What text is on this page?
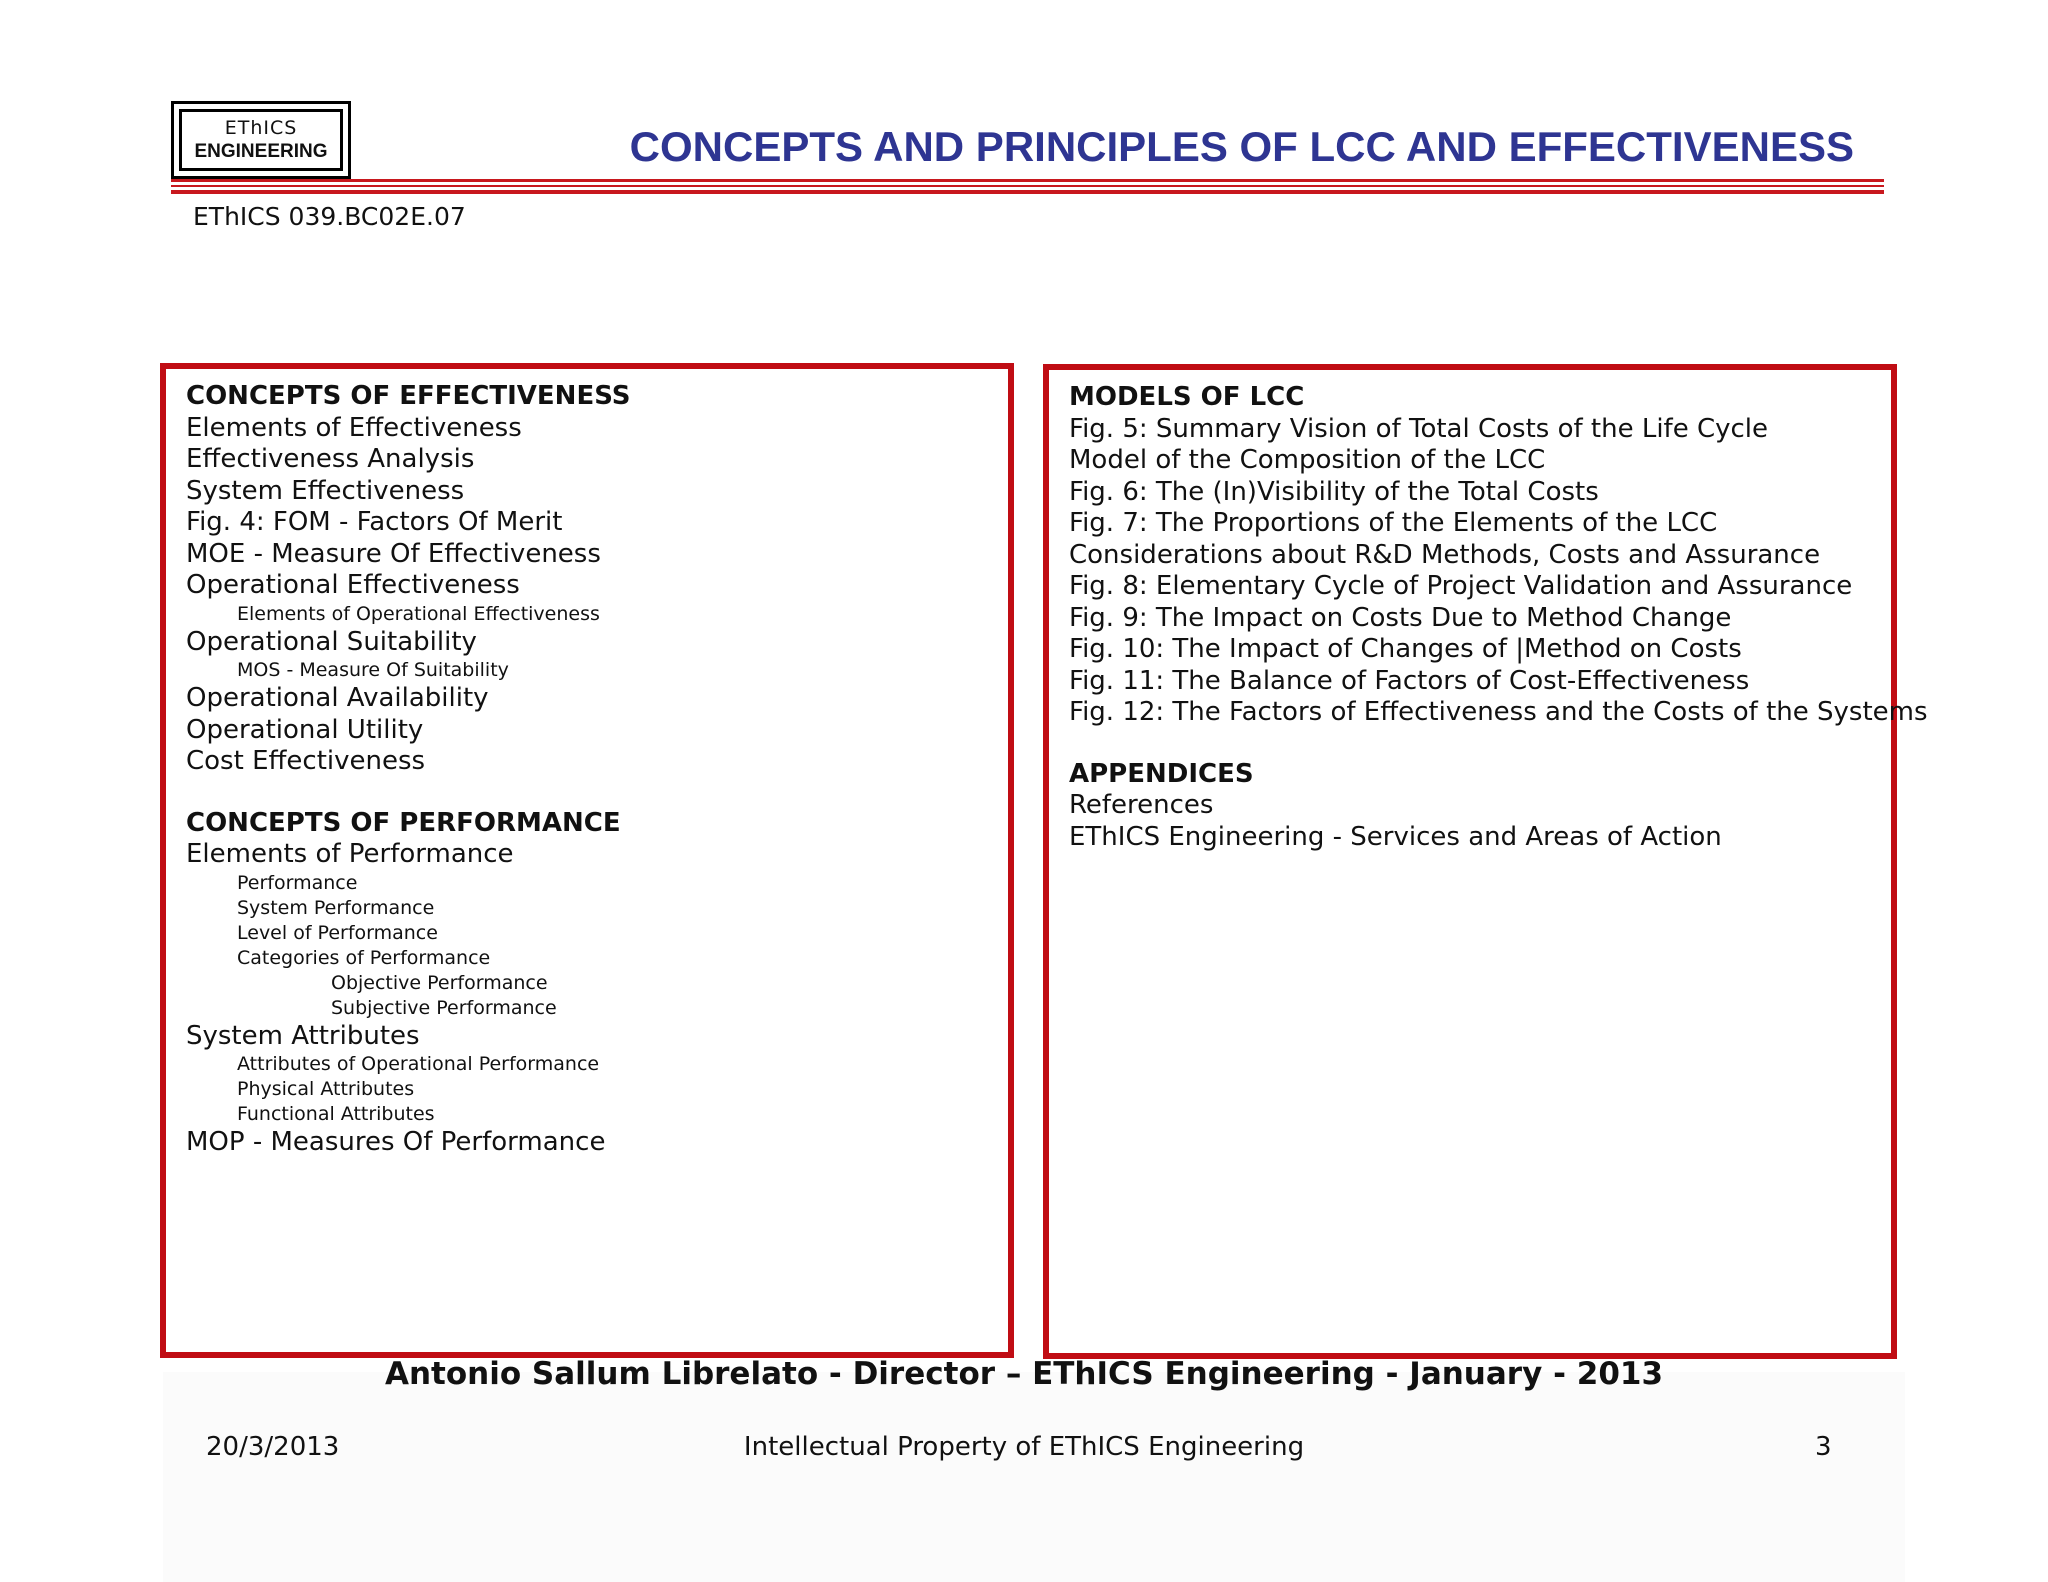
EThICS
ENGINEERING	CONCEPTS AND PRINCIPLES OF LCC AND EFFECTIVENESS
EThICS 039.BC02E.07
CONCEPTS OF EFFECTIVENESS
Elements of Effectiveness
Effectiveness Analysis
System Effectiveness
Fig. 4: FOM - Factors Of Merit
MOE - Measure Of Effectiveness
Operational Effectiveness
Elements of Operational Effectiveness
Operational Suitability
MOS - Measure Of Suitability
Operational Availability
Operational Utility
Cost Effectiveness
CONCEPTS OF PERFORMANCE
Elements of Performance
Performance
System Performance
Level of Performance
Categories of Performance
Objective Performance
Subjective Performance
System Attributes
Attributes of Operational Performance
Physical Attributes
Functional Attributes
MOP - Measures Of Performance
MODELS OF LCC
Fig. 5: Summary Vision of Total Costs of the Life Cycle
Model of the Composition of the LCC
Fig. 6: The (In)Visibility of the Total Costs
Fig. 7: The Proportions of the Elements of the LCC
Considerations about R&D Methods, Costs and Assurance
Fig. 8: Elementary Cycle of Project Validation and Assurance
Fig. 9: The Impact on Costs Due to Method Change
Fig. 10: The Impact of Changes of |Method on Costs
Fig. 11: The Balance of Factors of Cost-Effectiveness
Fig. 12: The Factors of Effectiveness and the Costs of the Systems
APPENDICES
References
EThICS Engineering - Services and Areas of Action
Antonio Sallum Librelato - Director – EThICS Engineering - January - 2013
20/3/2013	Intellectual Property of EThICS Engineering	3
